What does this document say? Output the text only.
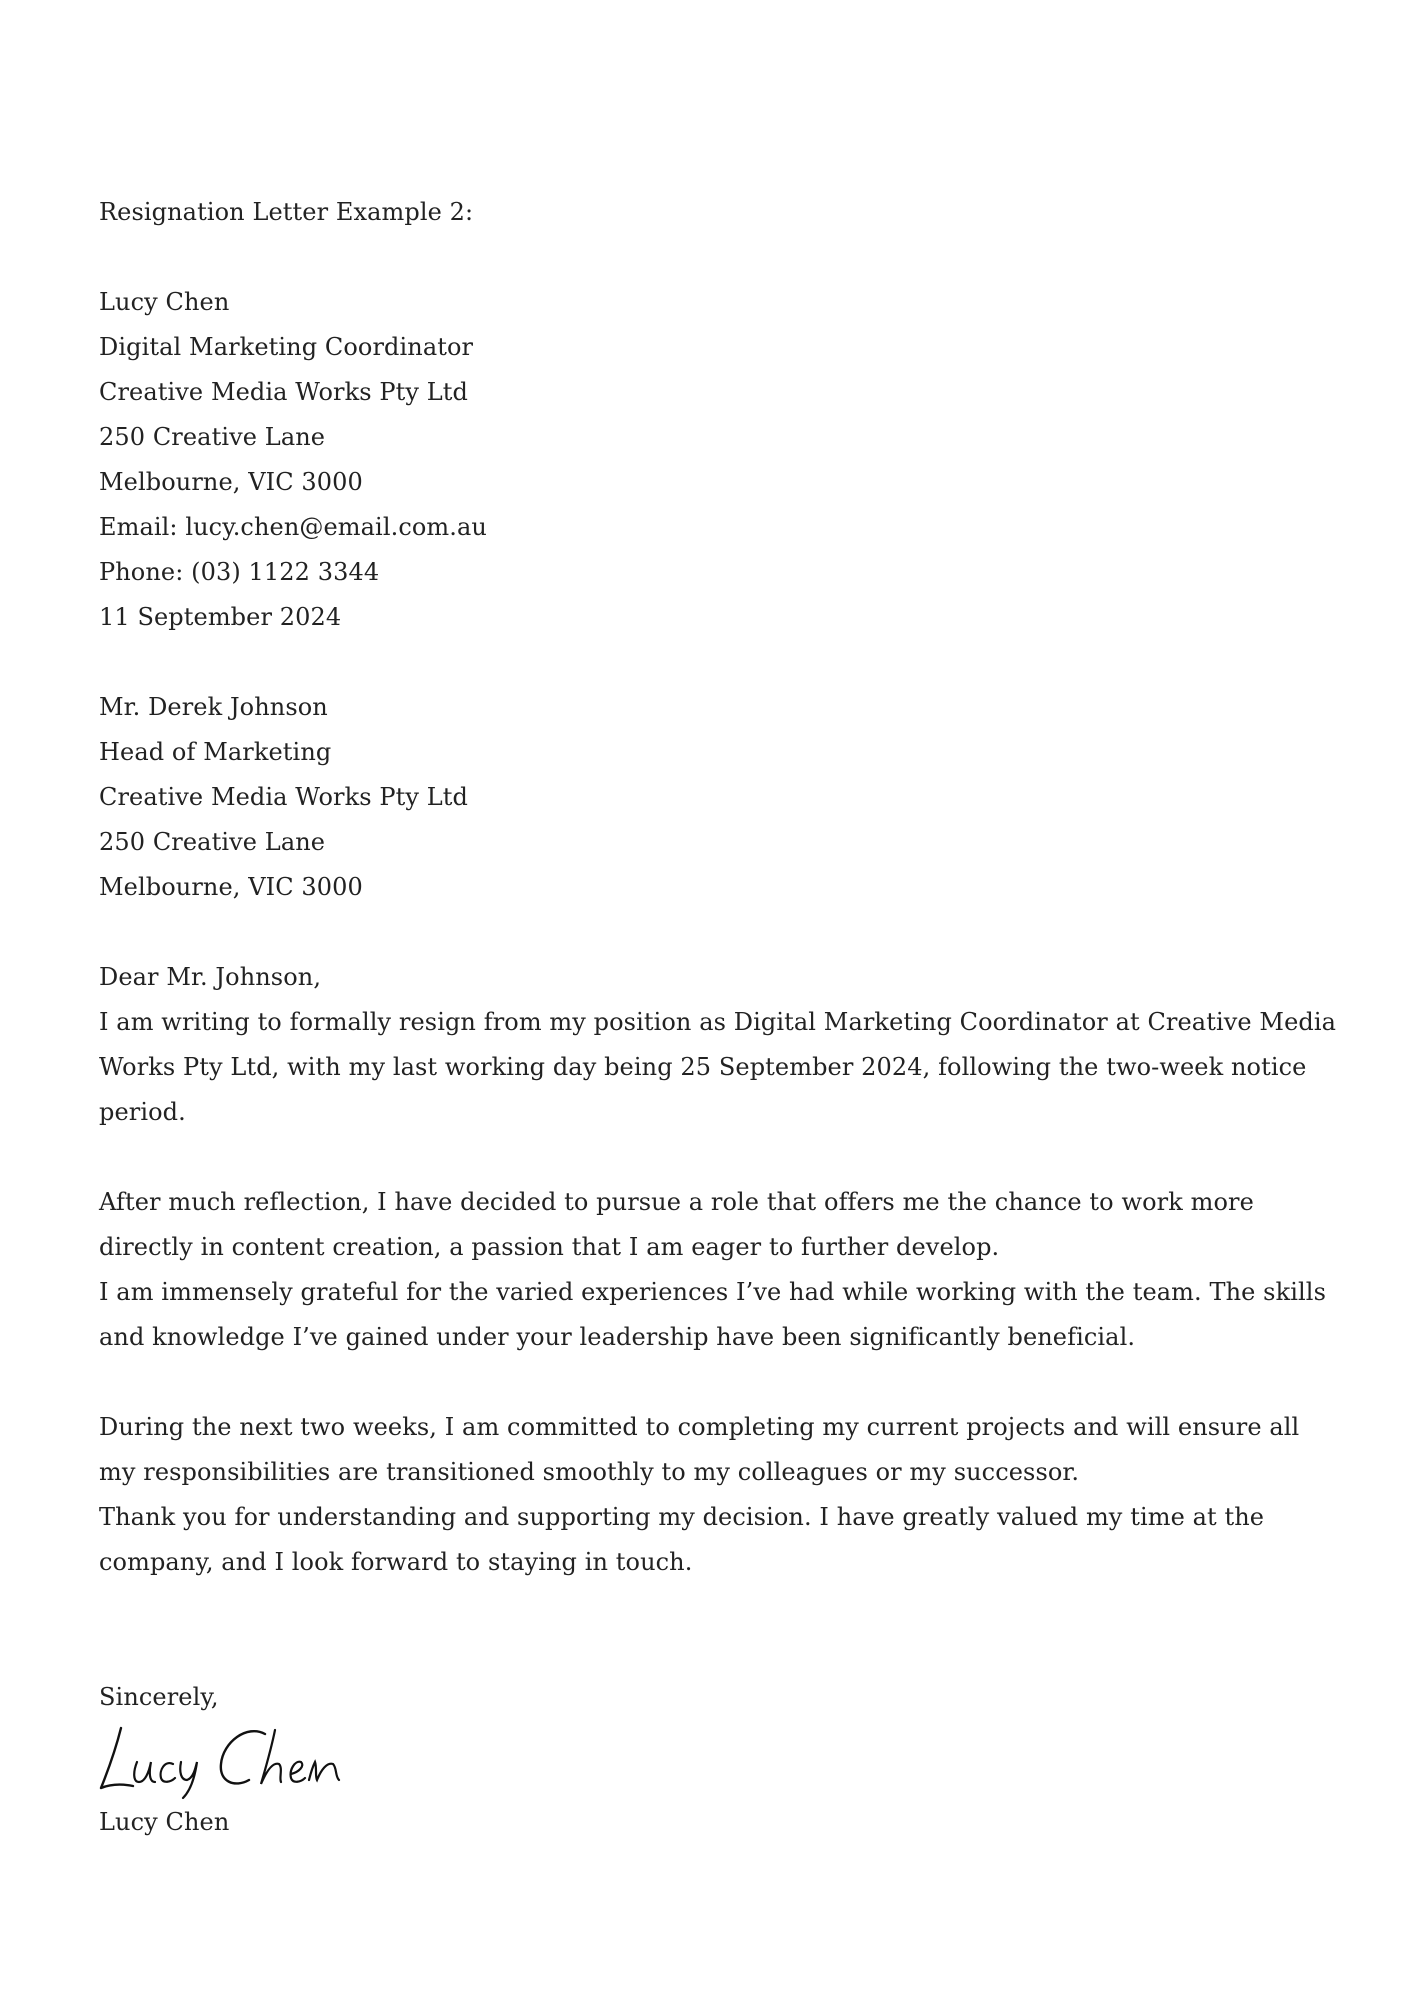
Resignation Letter Example 2:
Lucy Chen
Digital Marketing Coordinator
Creative Media Works Pty Ltd
250 Creative Lane
Melbourne, VIC 3000
Email: lucy.chen@email.com.au
Phone: (03) 1122 3344
11 September 2024
Mr. Derek Johnson
Head of Marketing
Creative Media Works Pty Ltd
250 Creative Lane
Melbourne, VIC 3000
Dear Mr. Johnson,
I am writing to formally resign from my position as Digital Marketing Coordinator at Creative Media Works Pty Ltd, with my last working day being 25 September 2024, following the two-week notice period.
After much reflection, I have decided to pursue a role that offers me the chance to work more directly in content creation, a passion that I am eager to further develop.
I am immensely grateful for the varied experiences I’ve had while working with the team. The skills and knowledge I’ve gained under your leadership have been significantly beneficial.
During the next two weeks, I am committed to completing my current projects and will ensure all my responsibilities are transitioned smoothly to my colleagues or my successor.
Thank you for understanding and supporting my decision. I have greatly valued my time at the company, and I look forward to staying in touch.
Sincerely,
Lucy Chen
